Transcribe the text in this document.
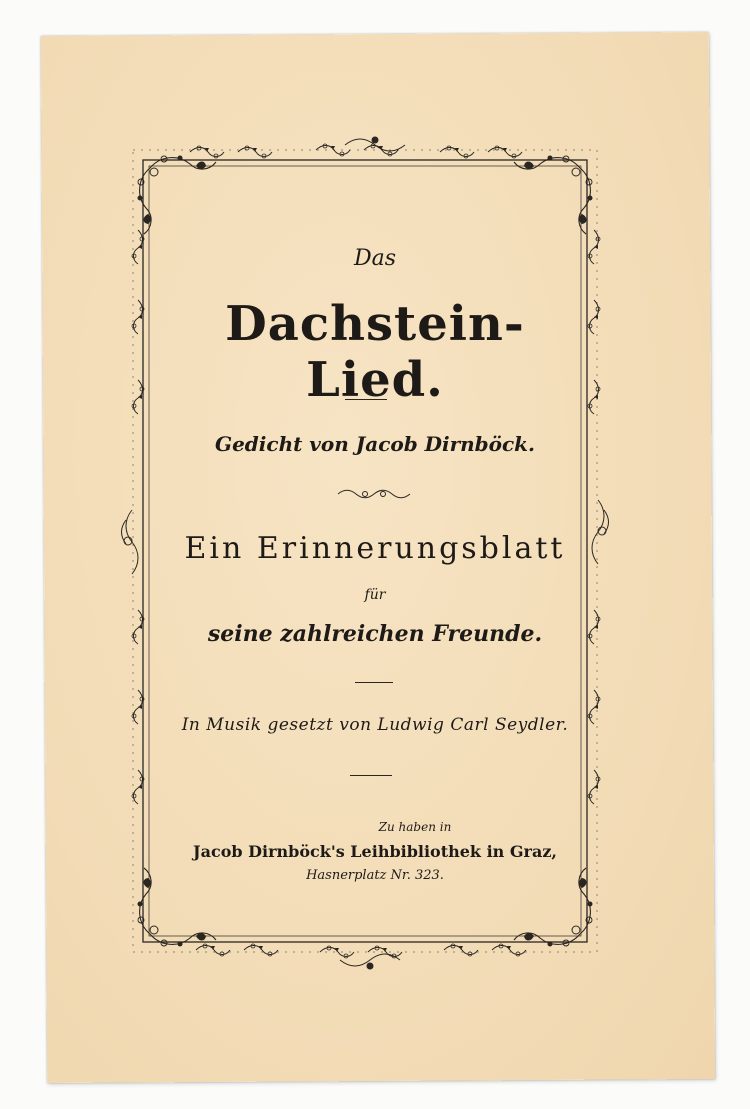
Das
Dachstein-Lied.
Gedicht von Jacob Dirnböck.
Ein Erinnerungsblatt
für
seine zahlreichen Freunde.
In Musik gesetzt von Ludwig Carl Seydler.
Zu haben in
Jacob Dirnböck's Leihbibliothek in Graz,
Hasnerplatz Nr. 323.
